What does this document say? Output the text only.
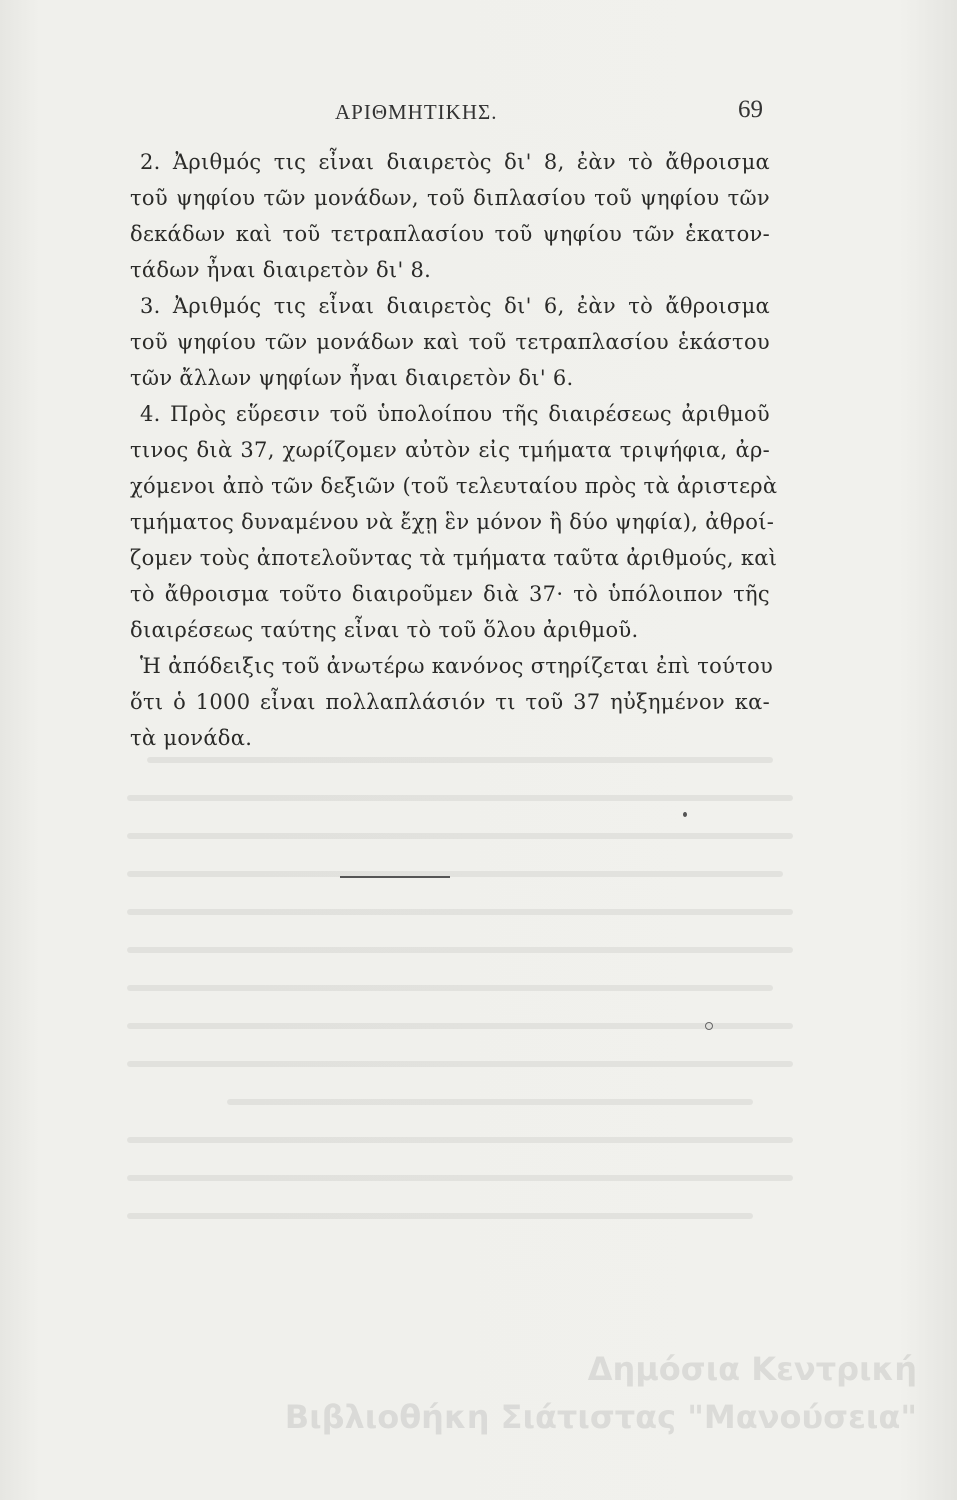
ΑΡΙΘΜΗΤΙΚΗΣ.	69
2. Ἀριθμός τις εἶναι διαιρετὸς δι' 8, ἐὰν τὸ ἄθροισμα
τοῦ ψηφίου τῶν μονάδων, τοῦ διπλασίου τοῦ ψηφίου τῶν
δεκάδων καὶ τοῦ τετραπλασίου τοῦ ψηφίου τῶν ἑκατον-
τάδων ἦναι διαιρετὸν δι' 8.
3. Ἀριθμός τις εἶναι διαιρετὸς δι' 6, ἐὰν τὸ ἄθροισμα
τοῦ ψηφίου τῶν μονάδων καὶ τοῦ τετραπλασίου ἑκάστου
τῶν ἄλλων ψηφίων ἦναι διαιρετὸν δι' 6.
4. Πρὸς εὕρεσιν τοῦ ὑπολοίπου τῆς διαιρέσεως ἀριθμοῦ
τινος διὰ 37, χωρίζομεν αὐτὸν εἰς τμήματα τριψήφια, ἀρ-
χόμενοι ἀπὸ τῶν δεξιῶν (τοῦ τελευταίου πρὸς τὰ ἀριστερὰ
τμήματος δυναμένου νὰ ἔχῃ ἓν μόνον ἢ δύο ψηφία), ἀθροί-
ζομεν τοὺς ἀποτελοῦντας τὰ τμήματα ταῦτα ἀριθμούς, καὶ
τὸ ἄθροισμα τοῦτο διαιροῦμεν διὰ 37· τὸ ὑπόλοιπον τῆς
διαιρέσεως ταύτης εἶναι τὸ τοῦ ὅλου ἀριθμοῦ.
Ἡ ἀπόδειξις τοῦ ἀνωτέρω κανόνος στηρίζεται ἐπὶ τούτου
ὅτι ὁ 1000 εἶναι πολλαπλάσιόν τι τοῦ 37 ηὐξημένον κα-
τὰ μονάδα.
Δημόσια Κεντρική
Βιβλιοθήκη Σιάτιστας "Μανούσεια"
